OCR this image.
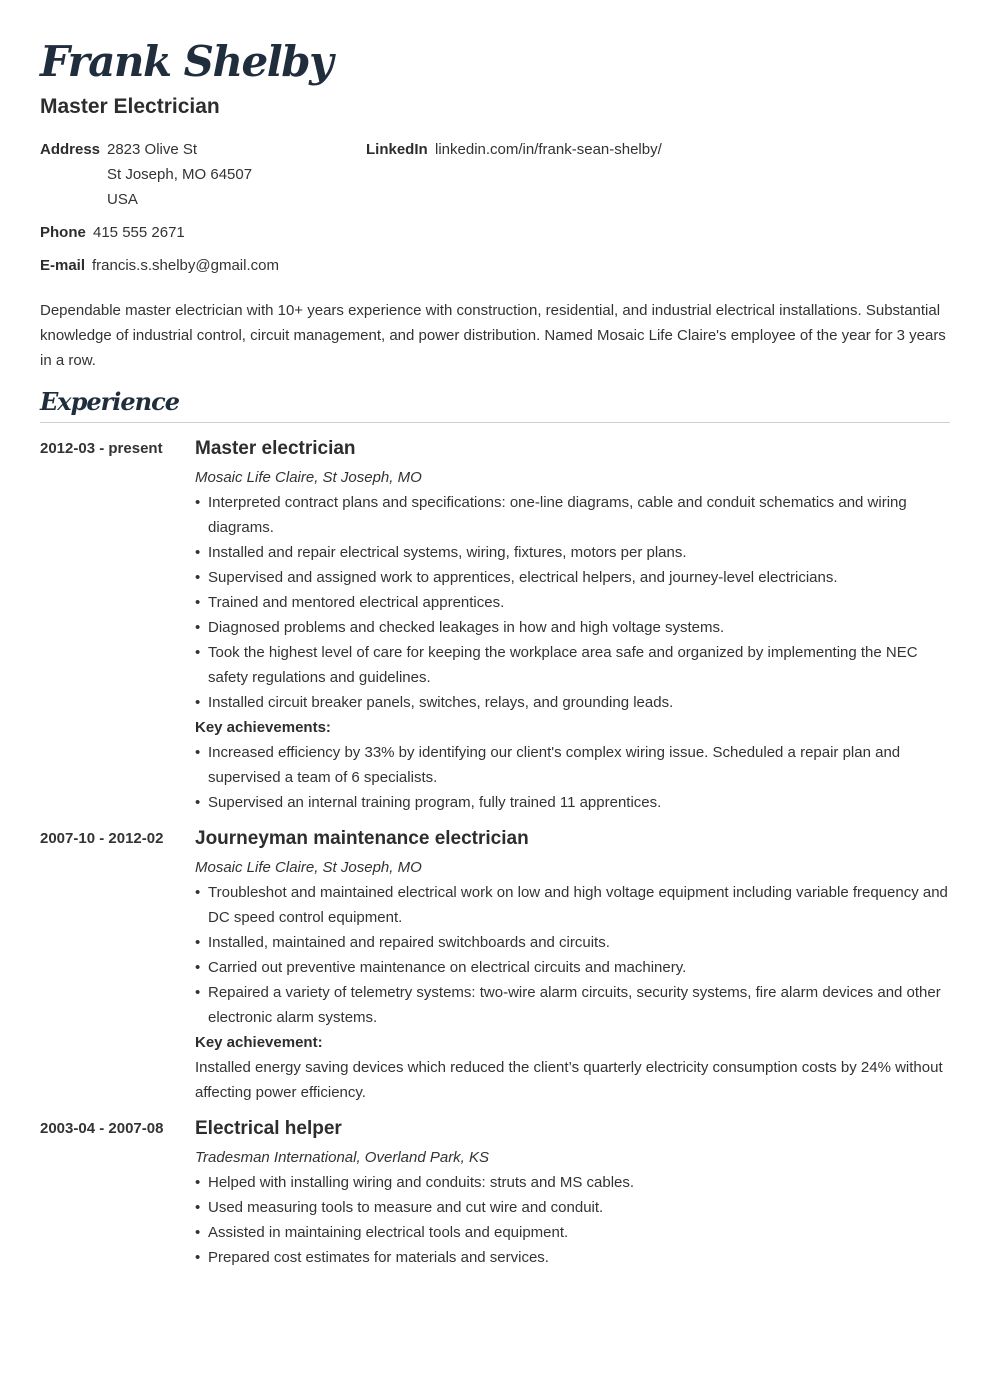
Frank Shelby
Master Electrician
Address 2823 Olive St
St Joseph, MO 64507
USA
LinkedIn linkedin.com/in/frank-sean-shelby/
Phone 415 555 2671
E-mail francis.s.shelby@gmail.com

Dependable master electrician with 10+ years experience with construction, residential, and industrial electrical installations. Substantial knowledge of industrial control, circuit management, and power distribution. Named Mosaic Life Claire's employee of the year for 3 years in a row.

Experience
2012-03 - present Master electrician
Mosaic Life Claire, St Joseph, MO
• Interpreted contract plans and specifications: one-line diagrams, cable and conduit schematics and wiring diagrams.
• Installed and repair electrical systems, wiring, fixtures, motors per plans.
• Supervised and assigned work to apprentices, electrical helpers, and journey-level electricians.
• Trained and mentored electrical apprentices.
• Diagnosed problems and checked leakages in how and high voltage systems.
• Took the highest level of care for keeping the workplace area safe and organized by implementing the NEC safety regulations and guidelines.
• Installed circuit breaker panels, switches, relays, and grounding leads.
Key achievements:
• Increased efficiency by 33% by identifying our client's complex wiring issue. Scheduled a repair plan and supervised a team of 6 specialists.
• Supervised an internal training program, fully trained 11 apprentices.
2007-10 - 2012-02 Journeyman maintenance electrician
Mosaic Life Claire, St Joseph, MO
• Troubleshot and maintained electrical work on low and high voltage equipment including variable frequency and DC speed control equipment.
• Installed, maintained and repaired switchboards and circuits.
• Carried out preventive maintenance on electrical circuits and machinery.
• Repaired a variety of telemetry systems: two-wire alarm circuits, security systems, fire alarm devices and other electronic alarm systems.
Key achievement:

Installed energy saving devices which reduced the client’s quarterly electricity consumption costs by 24% without affecting power efficiency.

2003-04 - 2007-08 Electrical helper
Tradesman International, Overland Park, KS
• Helped with installing wiring and conduits: struts and MS cables.
• Used measuring tools to measure and cut wire and conduit.
• Assisted in maintaining electrical tools and equipment.
• Prepared cost estimates for materials and services.
